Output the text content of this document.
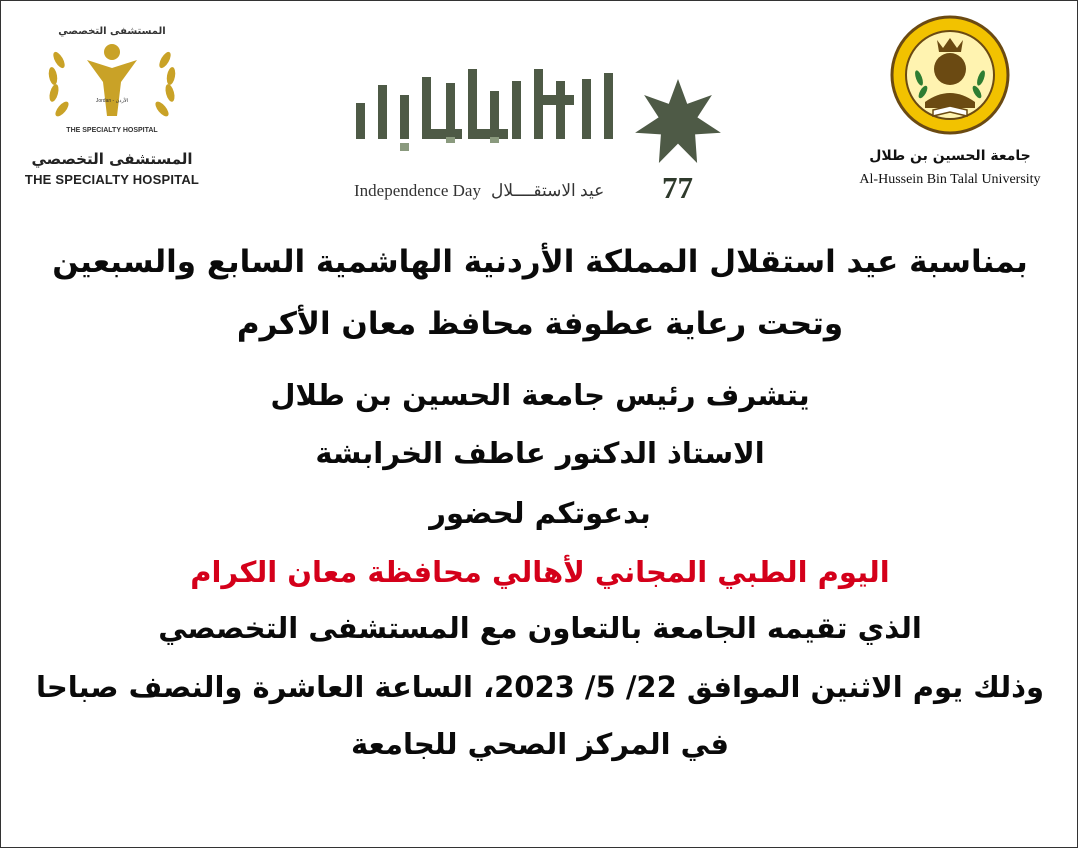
المستشفى التخصصي
Jordan - الأردن
THE SPECIALTY HOSPITAL
المستشفى التخصصي
THE SPECIALTY HOSPITAL
Independence Day عيد الاستقــــلال 77
جامعة الحسين بن طلال
Al-Hussein Bin Talal University
بمناسبة عيد استقلال المملكة الأردنية الهاشمية السابع والسبعين
وتحت رعاية عطوفة محافظ معان الأكرم
يتشرف رئيس جامعة الحسين بن طلال
الاستاذ الدكتور عاطف الخرابشة
بدعوتكم لحضور
اليوم الطبي المجاني لأهالي محافظة معان الكرام
الذي تقيمه الجامعة بالتعاون مع المستشفى التخصصي
وذلك يوم الاثنين الموافق 22/ 5/ 2023، الساعة العاشرة والنصف صباحا
في المركز الصحي للجامعة
